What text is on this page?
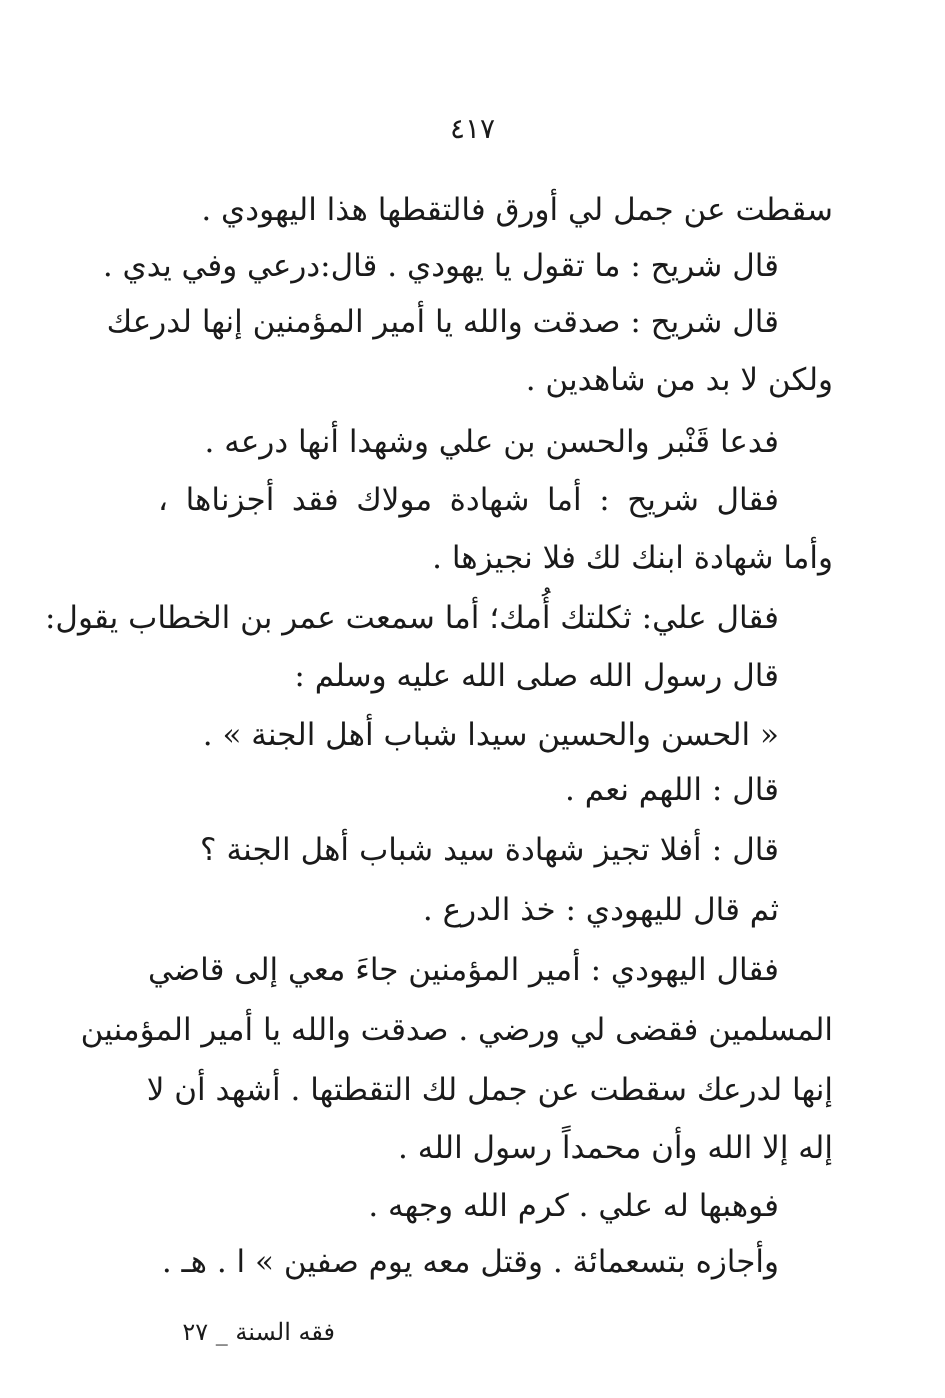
٤١٧
سقطت عن جمل لي أورق فالتقطها هذا اليهودي .
قال شريح : ما تقول يا يهودي . قال:درعي وفي يدي .
قال شريح : صدقت والله يا أمير المؤمنين إنها لدرعك
ولكن لا بد من شاهدين .
فدعا قَنْبر والحسن بن علي وشهدا أنها درعه .
فقال شريح : أما شهادة مولاك فقد أجزناها ،
وأما شهادة ابنك لك فلا نجيزها .
فقال علي: ثكلتك أُمك؛ أما سمعت عمر بن الخطاب يقول:
قال رسول الله صلى الله عليه وسلم :
« الحسن والحسين سيدا شباب أهل الجنة » .
قال : اللهم نعم .
قال : أفلا تجيز شهادة سيد شباب أهل الجنة ؟
ثم قال لليهودي : خذ الدرع .
فقال اليهودي : أمير المؤمنين جاءَ معي إلى قاضي
المسلمين فقضى لي ورضي . صدقت والله يا أمير المؤمنين
إنها لدرعك سقطت عن جمل لك التقطتها . أشهد أن لا
إله إلا الله وأن محمداً رسول الله .
فوهبها له علي . كرم الله وجهه .
وأجازه بتسعمائة . وقتل معه يوم صفين » ا . هـ .
فقه السنة _ ٢٧
